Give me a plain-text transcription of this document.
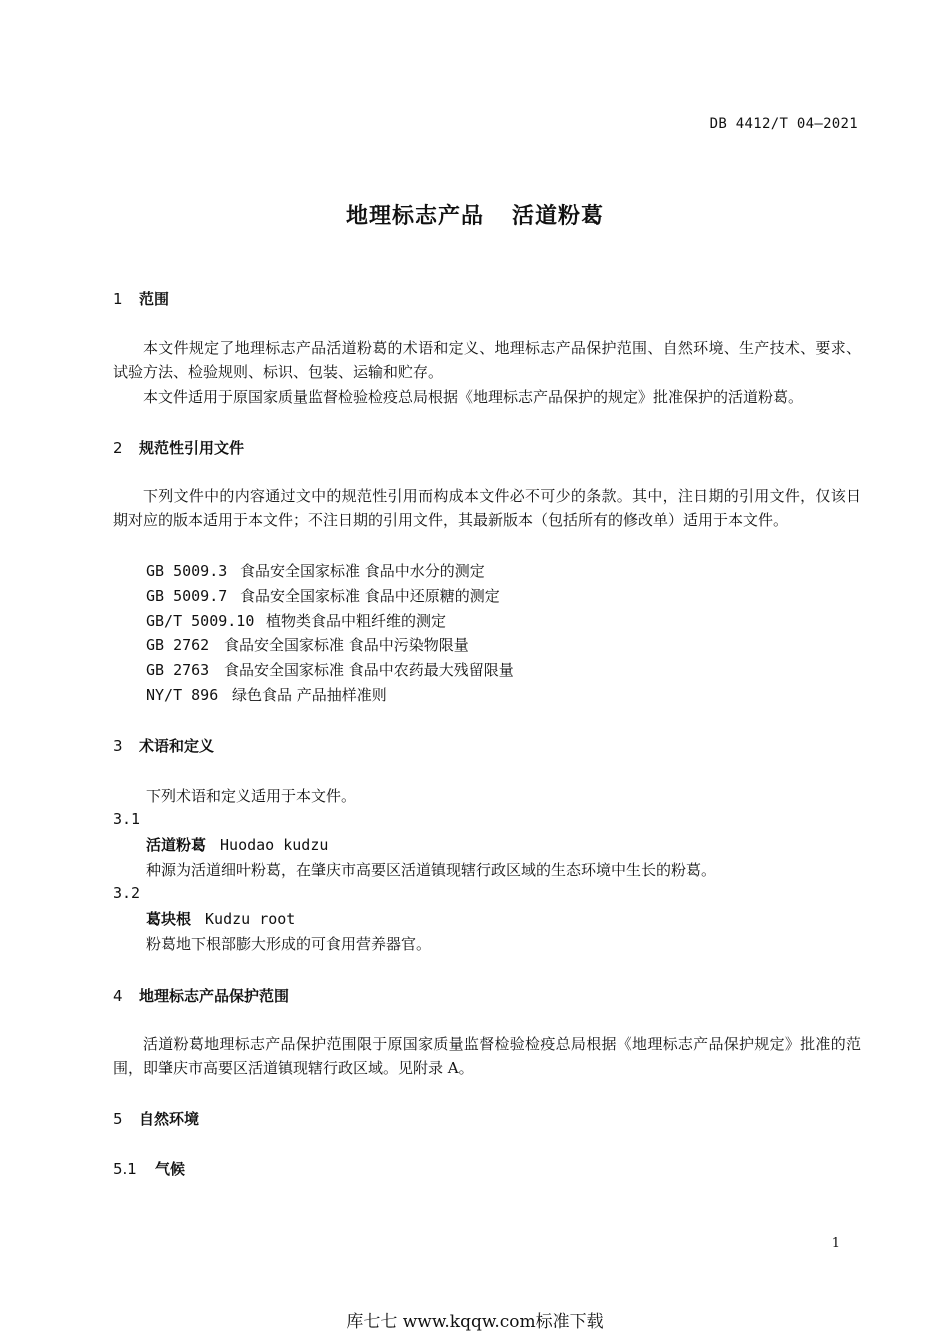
DB 4412/T 04—2021
地理标志产品 活道粉葛
1 范围

本文件规定了地理标志产品活道粉葛的术语和定义、地理标志产品保护范围、自然环境、生产技术、要求、试验方法、检验规则、标识、包装、运输和贮存。

本文件适用于原国家质量监督检验检疫总局根据《地理标志产品保护的规定》批准保护的活道粉葛。

2 规范性引用文件

下列文件中的内容通过文中的规范性引用而构成本文件必不可少的条款。其中，注日期的引用文件，仅该日期对应的版本适用于本文件；不注日期的引用文件，其最新版本（包括所有的修改单）适用于本文件。

GB 5009.3 食品安全国家标准 食品中水分的测定
GB 5009.7 食品安全国家标准 食品中还原糖的测定
GB/T 5009.10 植物类食品中粗纤维的测定
GB 2762 食品安全国家标准 食品中污染物限量
GB 2763 食品安全国家标准 食品中农药最大残留限量
NY/T 896 绿色食品 产品抽样准则
3 术语和定义
下列术语和定义适用于本文件。
3.1
活道粉葛 Huodao kudzu
种源为活道细叶粉葛，在肇庆市高要区活道镇现辖行政区域的生态环境中生长的粉葛。
3.2
葛块根 Kudzu root
粉葛地下根部膨大形成的可食用营养器官。
4 地理标志产品保护范围

活道粉葛地理标志产品保护范围限于原国家质量监督检验检疫总局根据《地理标志产品保护规定》批准的范围，即肇庆市高要区活道镇现辖行政区域。见附录 A。

5 自然环境
5.1 气候
1
库七七 www.kqqw.com标准下载
